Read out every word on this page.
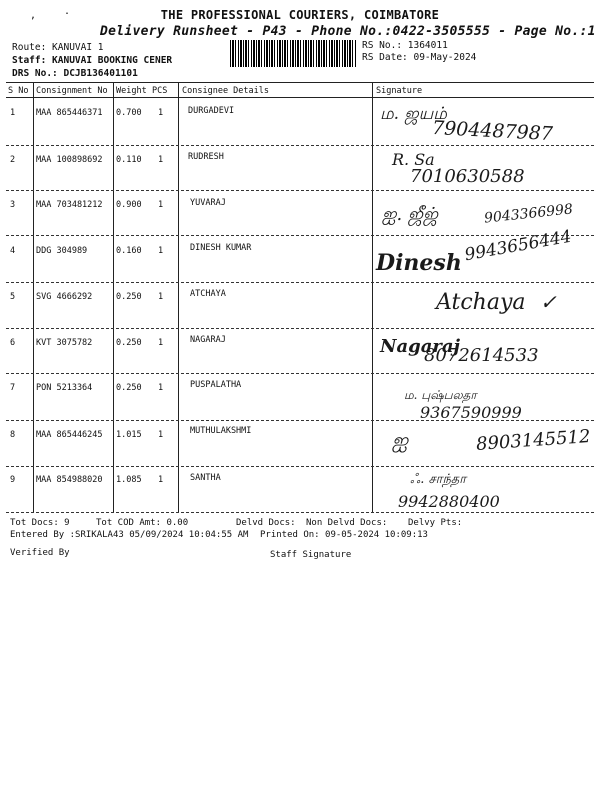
,	.	THE PROFESSIONAL COURIERS, COIMBATORE
Delivery Runsheet - P43 - Phone No.:0422-3505555 - Page No.:1
Route: KANUVAI 1
Staff: KANUVAI BOOKING CENER
DRS No.: DCJB136401101
RS No.: 1364011
RS Date: 09-May-2024
S No Consignment No Weight PCS Consignee Details	Signature
1 MAA 865446371 0.700 1	DURGADEVI	ம. ஜயம்
7904487987
2 MAA 100898692 0.110 1	RUDRESH	R. Sa
7010630588
3 MAA 703481212 0.900 1	YUVARAJ
ஐ. ஜீஜ்	9043366998
4 DDG 304989	0.160 1	DINESH KUMAR
Dinesh 9943656444
5 SVG 4666292	0.250 1	ATCHAYA	Atchaya ✓
6 KVT 3075782	0.250 1	NAGARAJ	Nagaraj
8072614533
7 PON 5213364	0.250 1	PUSPALATHA
ம. புஷ்பலதா
9367590999
8 MAA 865446245 1.015 1	MUTHULAKSHMI	ஐ	8903145512
9 MAA 854988020 1.085 1	SANTHA	ஃ. சாந்தா
9942880400
Tot Docs: 9	Tot COD Amt: 0.00	Delvd Docs: Non Delvd Docs: Delvy Pts:
Entered By :SRIKALA43 05/09/2024 10:04:55 AM Printed On: 09-05-2024 10:09:13
Verified By	Staff Signature
